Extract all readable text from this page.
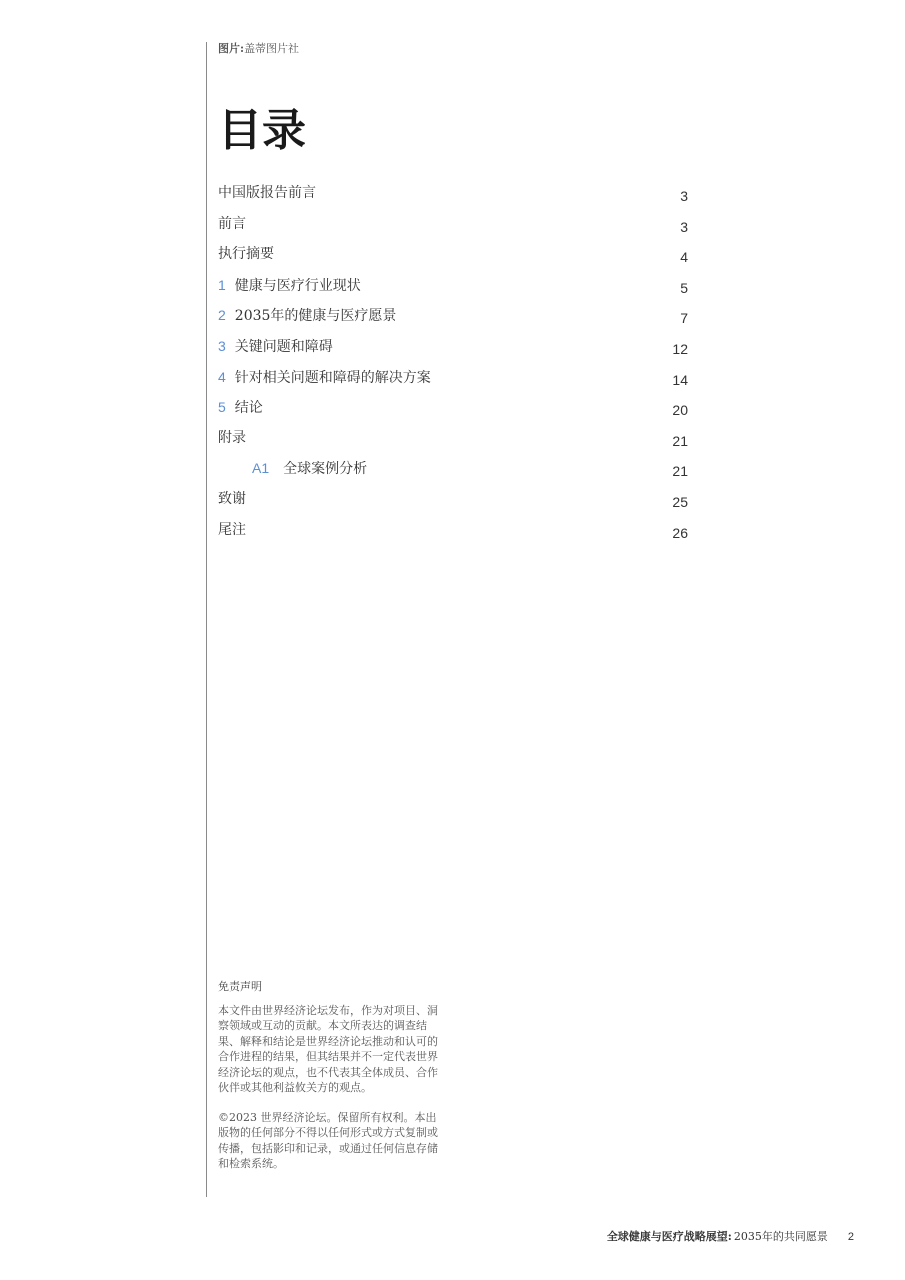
图片:盖蒂图片社
目录
中国版报告前言	3
前言	3
执行摘要	4
1 健康与医疗行业现状	5
2 2035年的健康与医疗愿景	7
3 关键问题和障碍	12
4 针对相关问题和障碍的解决方案	14
5 结论	20
附录	21
A1 全球案例分析	21
致谢	25
尾注	26
免责声明

本文件由世界经济论坛发布，作为对项目、洞察领域或互动的贡献。本文所表达的调查结果、解释和结论是世界经济论坛推动和认可的合作进程的结果，但其结果并不一定代表世界经济论坛的观点，也不代表其全体成员、合作伙伴或其他利益攸关方的观点。

©2023 世界经济论坛。保留所有权利。本出版物的任何部分不得以任何形式或方式复制或传播，包括影印和记录，或通过任何信息存储和检索系统。

全球健康与医疗战略展望: 2035年的共同愿景 2
